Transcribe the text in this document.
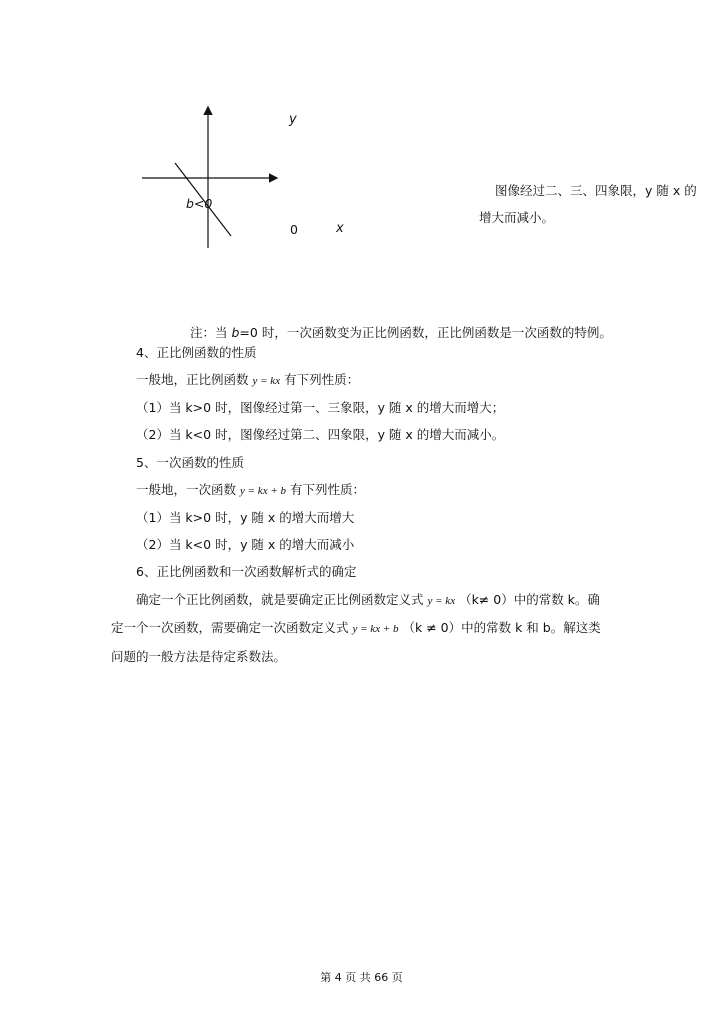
y
b<0
0	x
图像经过二、三、四象限，y 随 x 的
增大而减小。
注：当 b=0 时，一次函数变为正比例函数，正比例函数是一次函数的特例。
4、正比例函数的性质
一般地，正比例函数 y = kx 有下列性质：
（1）当 k>0 时，图像经过第一、三象限，y 随 x 的增大而增大；
（2）当 k<0 时，图像经过第二、四象限，y 随 x 的增大而减小。
5、一次函数的性质
一般地，一次函数 y = kx + b 有下列性质：
（1）当 k>0 时，y 随 x 的增大而增大
（2）当 k<0 时，y 随 x 的增大而减小
6、正比例函数和一次函数解析式的确定
确定一个正比例函数，就是要确定正比例函数定义式 y = kx （k≠ 0）中的常数 k。确
定一个一次函数，需要确定一次函数定义式 y = kx + b （k ≠ 0）中的常数 k 和 b。解这类
问题的一般方法是待定系数法。
第 4 页 共 66 页
